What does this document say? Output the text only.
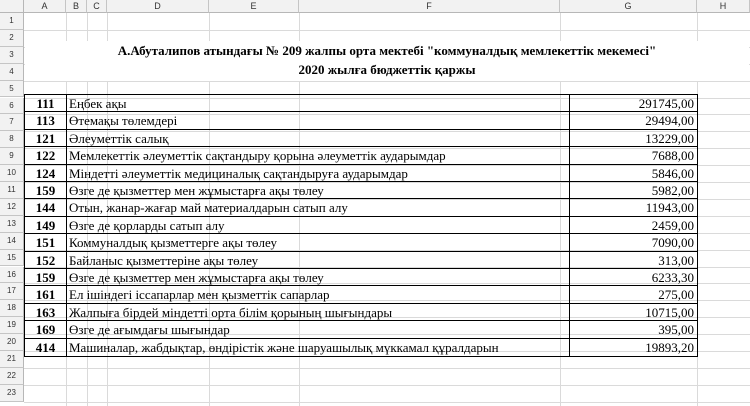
A	B	C	D	E	F	G	H
1
2
3
4
5
6
7
8
9
10
11
12
13
14
15
16
17
18
19
20
21
22
23
А.Абуталипов атындағы № 209 жалпы орта мектебі "коммуналдық мемлекеттік мекемесі"
2020 жылға бюджеттік қаржы
111	Еңбек ақы	291745,00
113	Өтемақы төлемдері	29494,00
121	Әлеуметтік салық	13229,00
122	Мемлекеттік әлеуметтік сақтандыру қорына әлеуметтік аударымдар	7688,00
124	Міндетті әлеуметтік медициналық сақтандыруға аударымдар	5846,00
159	Өзге де қызметтер мен жұмыстарға ақы төлеу	5982,00
144	Отын, жанар-жағар май материалдарын сатып алу	11943,00
149	Өзге де қорларды сатып алу	2459,00
151	Коммуналдық қызметтерге ақы төлеу	7090,00
152	Байланыс қызметтеріне ақы төлеу	313,00
159	Өзге де қызметтер мен жұмыстарға ақы төлеу	6233,30
161	Ел ішіндегі іссапарлар мен қызметтік сапарлар	275,00
163	Жалпыға бірдей міндетті орта білім қорының шығындары	10715,00
169	Өзге де ағымдағы шығындар	395,00
414	Машиналар, жабдықтар, өндірістік және шаруашылық мүккамал құралдарын	19893,20
